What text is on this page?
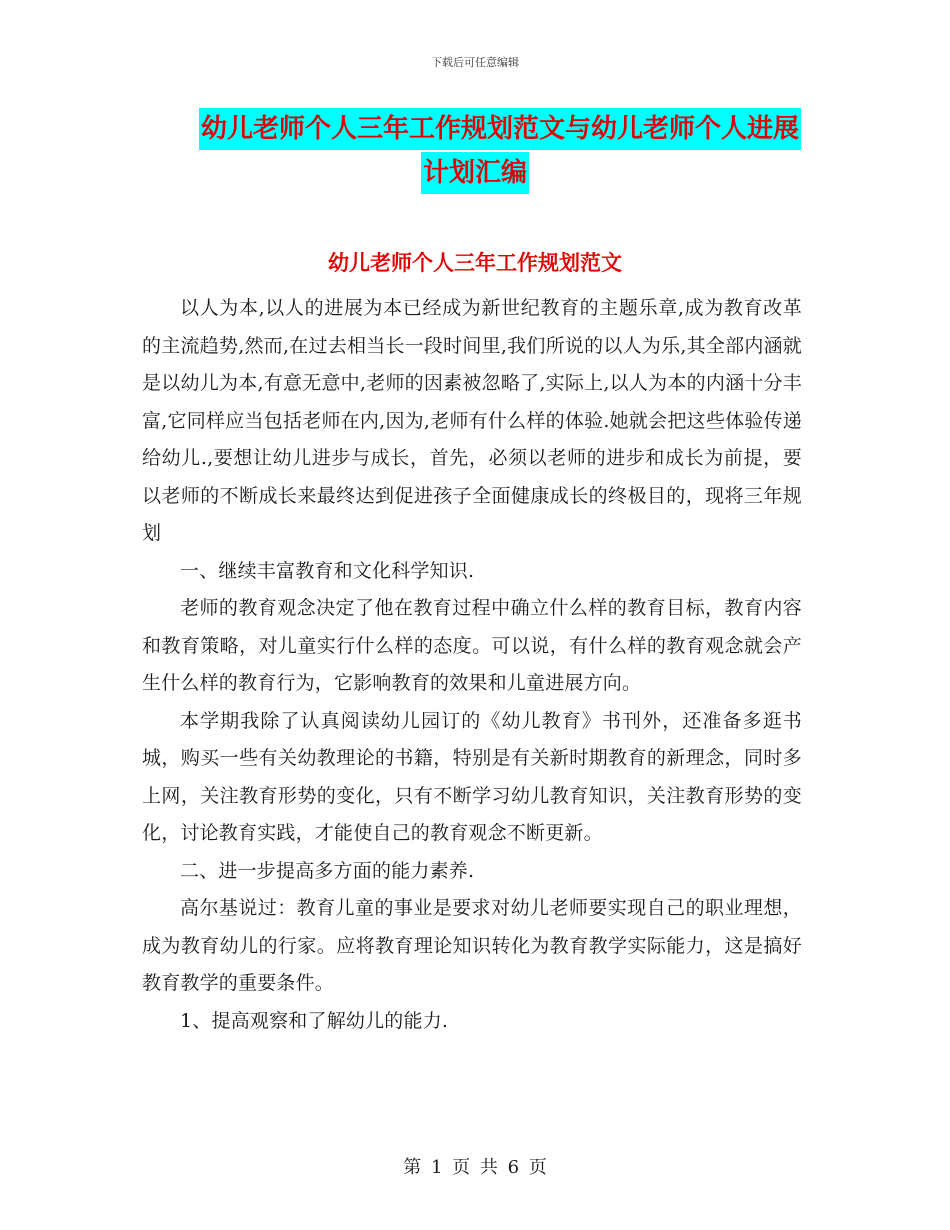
下载后可任意编辑
幼儿老师个人三年工作规划范文与幼儿老师个人进展
计划汇编
幼儿老师个人三年工作规划范文

以人为本,以人的进展为本已经成为新世纪教育的主题乐章,成为教育改革的主流趋势,然而,在过去相当长一段时间里,我们所说的以人为乐,其全部内涵就是以幼儿为本,有意无意中,老师的因素被忽略了,实际上,以人为本的内涵十分丰富,它同样应当包括老师在内,因为,老师有什么样的体验.她就会把这些体验传递给幼儿.,要想让幼儿进步与成长，首先，必须以老师的进步和成长为前提，要以老师的不断成长来最终达到促进孩子全面健康成长的终极目的，现将三年规划

一、继续丰富教育和文化科学知识.

老师的教育观念决定了他在教育过程中确立什么样的教育目标，教育内容和教育策略，对儿童实行什么样的态度。可以说，有什么样的教育观念就会产生什么样的教育行为，它影响教育的效果和儿童进展方向。

本学期我除了认真阅读幼儿园订的《幼儿教育》书刊外，还准备多逛书城，购买一些有关幼教理论的书籍，特别是有关新时期教育的新理念，同时多上网，关注教育形势的变化，只有不断学习幼儿教育知识，关注教育形势的变化，讨论教育实践，才能使自己的教育观念不断更新。

二、进一步提高多方面的能力素养.

高尔基说过：教育儿童的事业是要求对幼儿老师要实现自己的职业理想，成为教育幼儿的行家。应将教育理论知识转化为教育教学实际能力，这是搞好教育教学的重要条件。

1、提高观察和了解幼儿的能力.

第 1 页 共 6 页
